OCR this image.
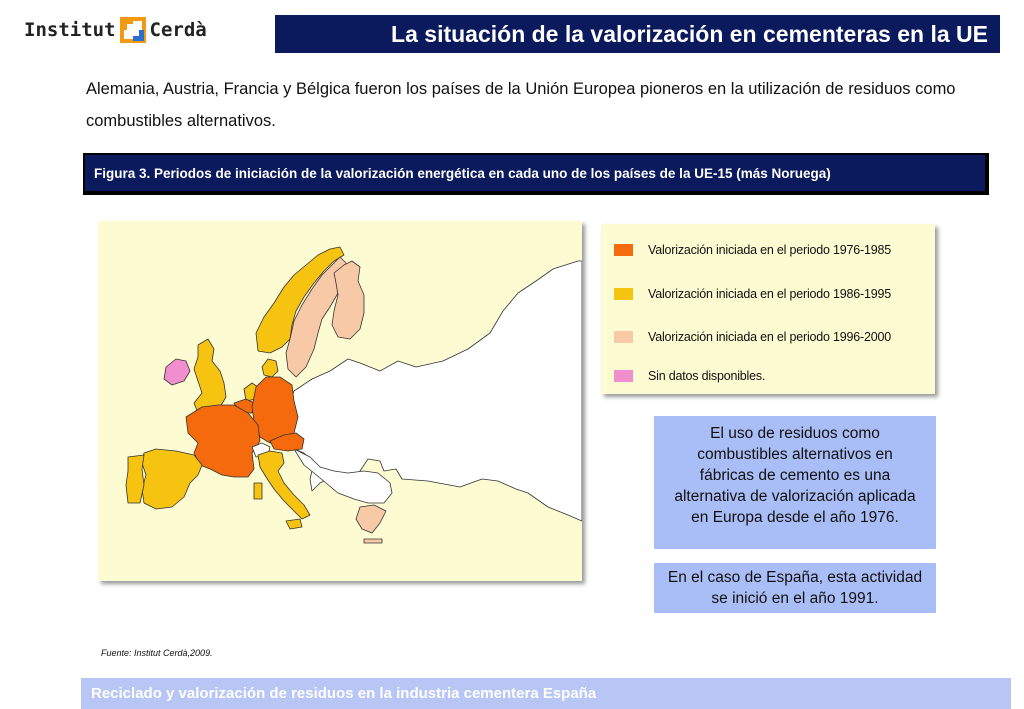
Institut Cerdà	La situación de la valorización en cementeras en la UE
Alemania, Austria, Francia y Bélgica fueron los países de la Unión Europea pioneros en la utilización de residuos como combustibles alternativos.
Figura 3. Periodos de iniciación de la valorización energética en cada uno de los países de la UE-15 (más Noruega)
Valorización iniciada en el periodo 1976-1985
Valorización iniciada en el periodo 1986-1995
Valorización iniciada en el periodo 1996-2000
Sin datos disponibles.
El uso de residuos como combustibles alternativos en fábricas de cemento es una alternativa de valorización aplicada en Europa desde el año 1976.
En el caso de España, esta actividad se inició en el año 1991.
Fuente: Institut Cerdà,2009.
Reciclado y valorización de residuos en la industria cementera España
